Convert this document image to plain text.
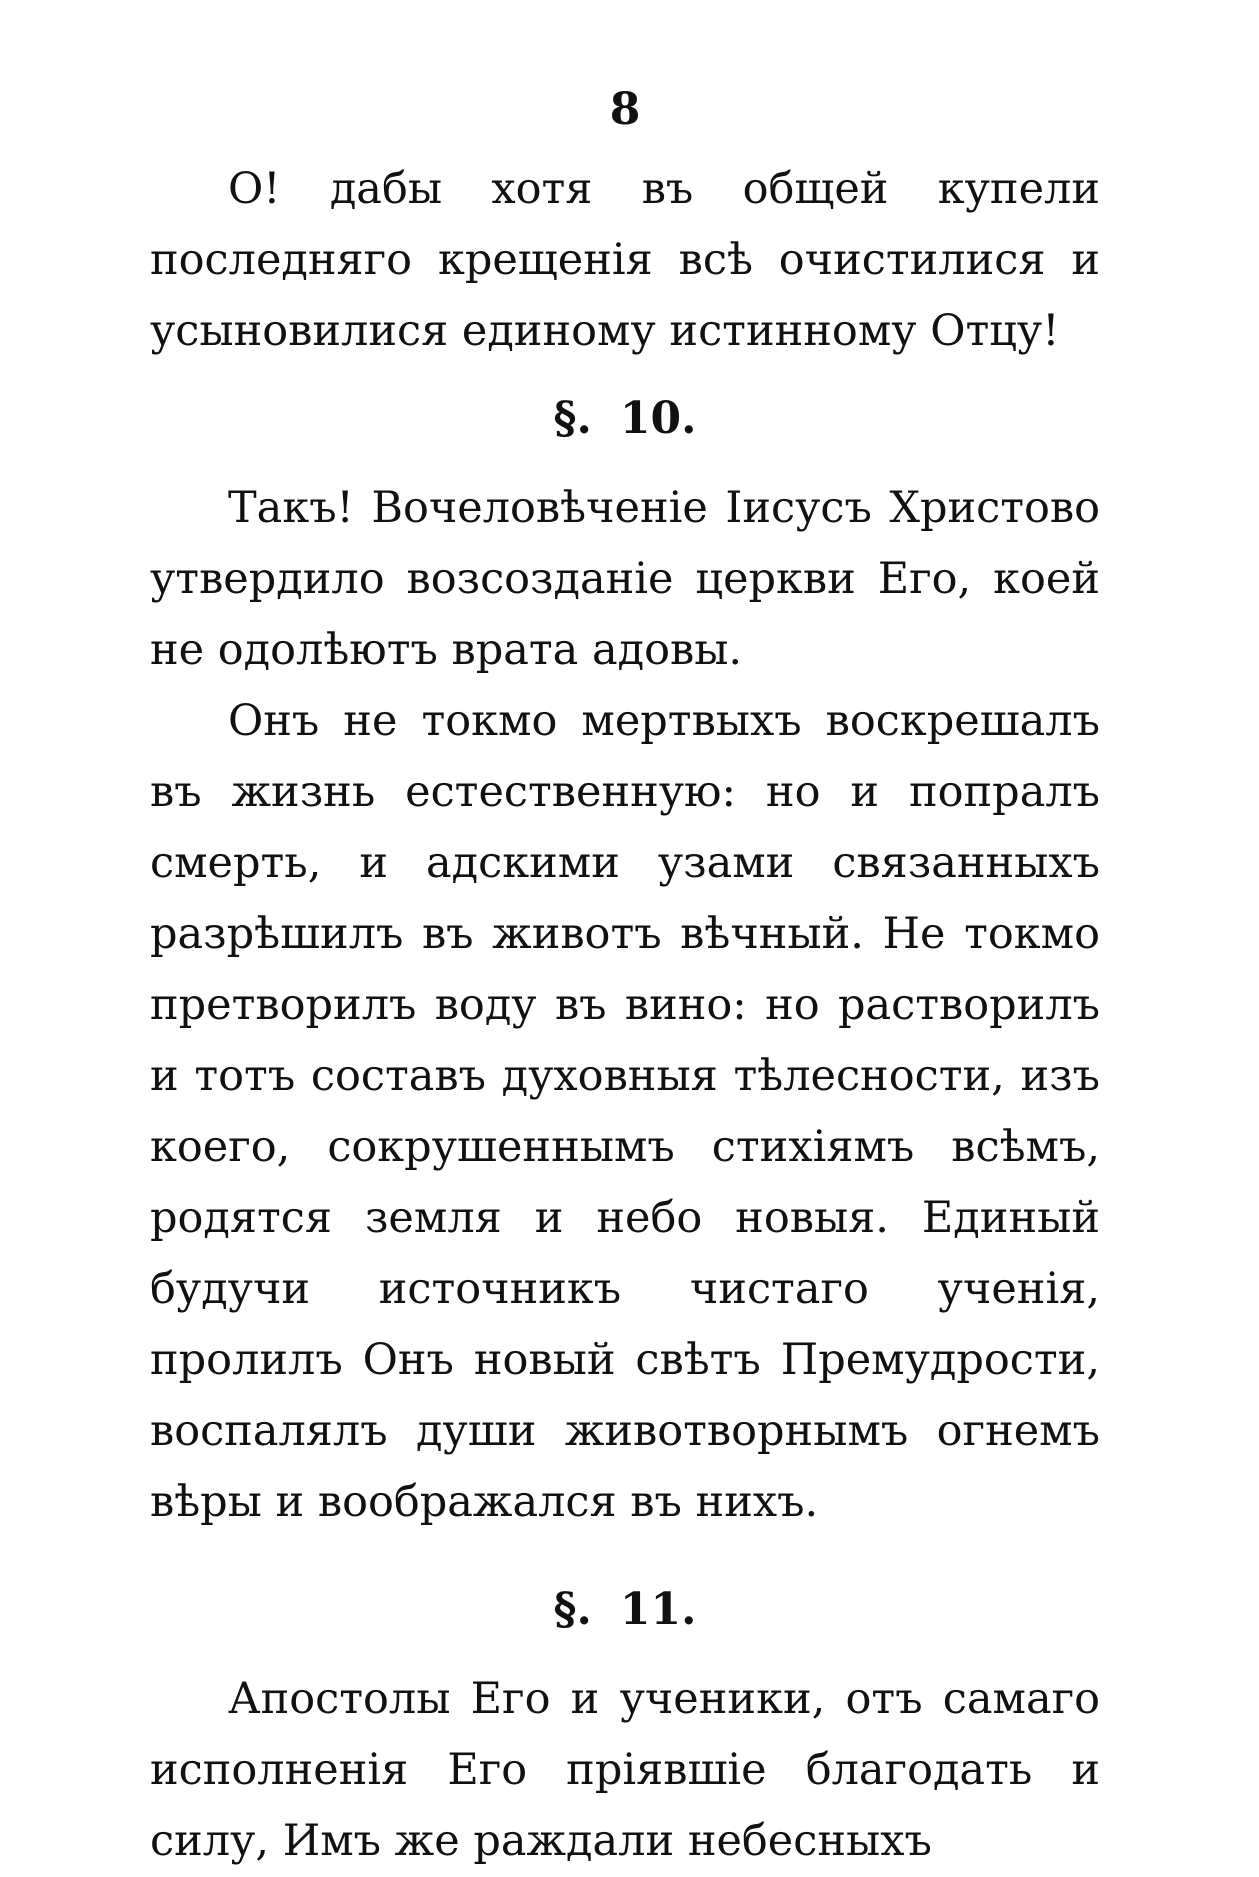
8

О! дабы хотя въ общей купели последняго крещенія всѣ очистилися и усыновилися единому истинному Отцу!

§. 10.

Такъ! Вочеловѣченіе Іисусъ Христово утвердило возсозданіе церкви Его, коей не одолѣютъ врата адовы.

Онъ не токмо мертвыхъ воскрешалъ въ жизнь естественную: но и попралъ смерть, и адскими узами связанныхъ разрѣшилъ въ животъ вѣчный. Не токмо претворилъ воду въ вино: но растворилъ и тотъ составъ духовныя тѣлесности, изъ коего, сокрушеннымъ стихіямъ всѣмъ, родятся земля и небо новыя. Единый будучи источникъ чистаго ученія, пролилъ Онъ новый свѣтъ Премудрости, воспалялъ души животворнымъ огнемъ вѣры и воображался въ нихъ.

§. 11.

Апостолы Его и ученики, отъ самаго исполненія Его пріявшіе благодать и силу, Имъ же раждали небесныхъ
